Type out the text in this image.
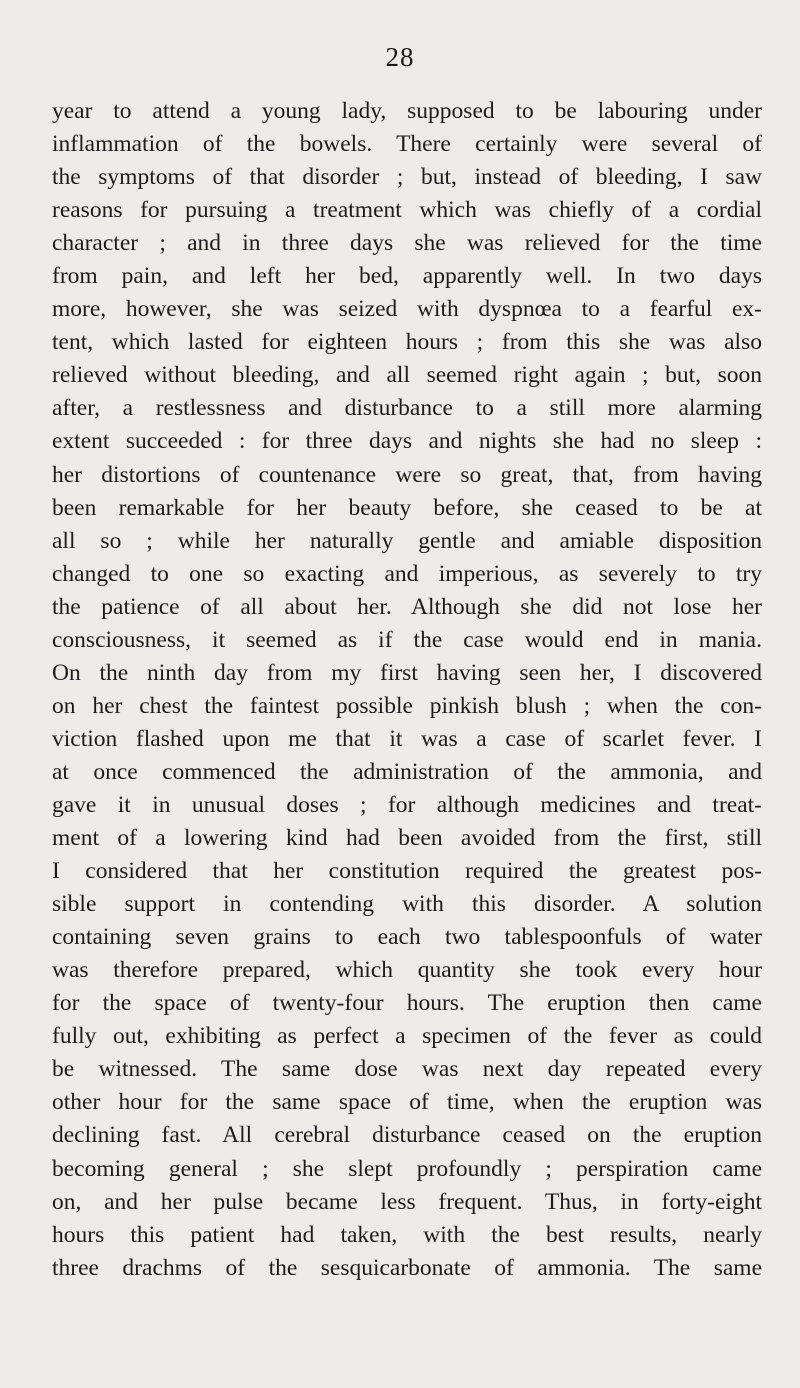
28
year to attend a young lady, supposed to be labouring under
inflammation of the bowels. There certainly were several of
the symptoms of that disorder ; but, instead of bleeding, I saw
reasons for pursuing a treatment which was chiefly of a cordial
character ; and in three days she was relieved for the time
from pain, and left her bed, apparently well. In two days
more, however, she was seized with dyspnœa to a fearful ex-
tent, which lasted for eighteen hours ; from this she was also
relieved without bleeding, and all seemed right again ; but, soon
after, a restlessness and disturbance to a still more alarming
extent succeeded : for three days and nights she had no sleep :
her distortions of countenance were so great, that, from having
been remarkable for her beauty before, she ceased to be at
all so ; while her naturally gentle and amiable disposition
changed to one so exacting and imperious, as severely to try
the patience of all about her. Although she did not lose her
consciousness, it seemed as if the case would end in mania.
On the ninth day from my first having seen her, I discovered
on her chest the faintest possible pinkish blush ; when the con-
viction flashed upon me that it was a case of scarlet fever. I
at once commenced the administration of the ammonia, and
gave it in unusual doses ; for although medicines and treat-
ment of a lowering kind had been avoided from the first, still
I considered that her constitution required the greatest pos-
sible support in contending with this disorder. A solution
containing seven grains to each two tablespoonfuls of water
was therefore prepared, which quantity she took every hour
for the space of twenty-four hours. The eruption then came
fully out, exhibiting as perfect a specimen of the fever as could
be witnessed. The same dose was next day repeated every
other hour for the same space of time, when the eruption was
declining fast. All cerebral disturbance ceased on the eruption
becoming general ; she slept profoundly ; perspiration came
on, and her pulse became less frequent. Thus, in forty-eight
hours this patient had taken, with the best results, nearly
three drachms of the sesquicarbonate of ammonia. The same
